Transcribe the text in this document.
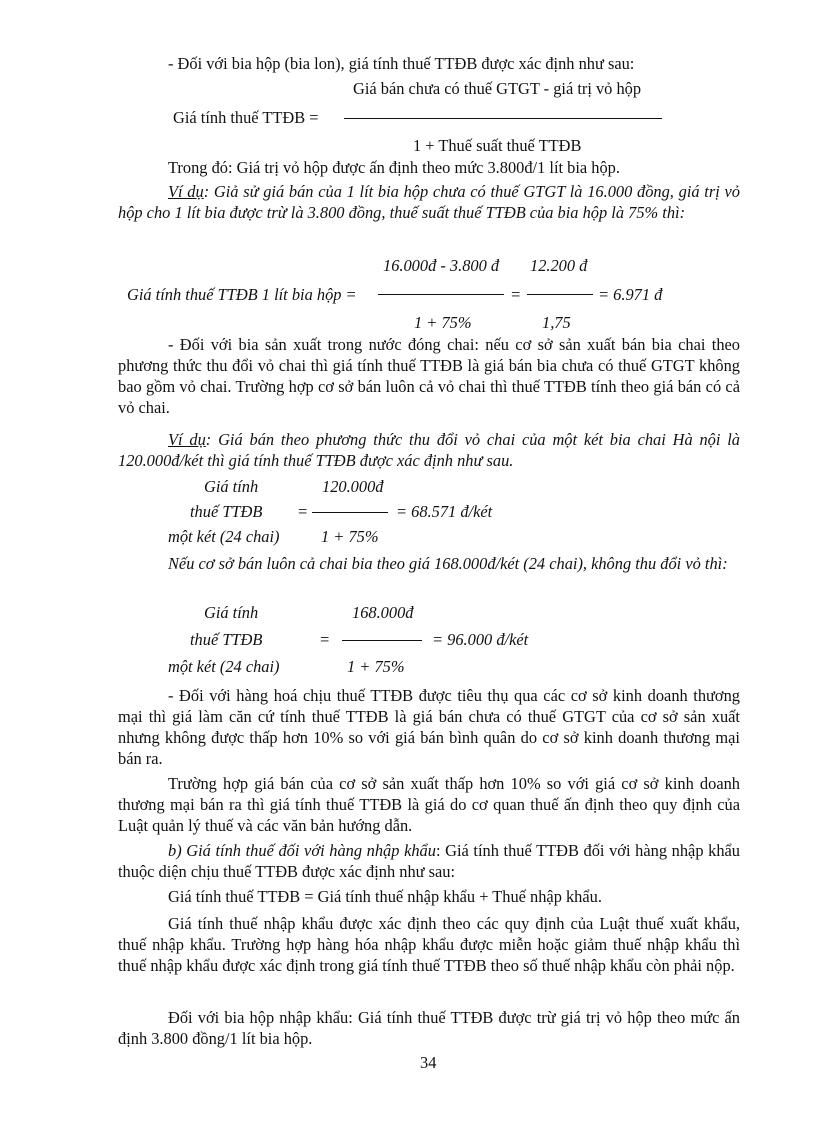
- Đối với bia hộp (bia lon), giá tính thuế TTĐB được xác định như sau:
Giá bán chưa có thuế GTGT - giá trị vỏ hộp
Giá tính thuế TTĐB =
1 + Thuế suất thuế TTĐB
Trong đó: Giá trị vỏ hộp được ấn định theo mức 3.800đ/1 lít bia hộp.

Ví dụ: Giả sử giá bán của 1 lít bia hộp chưa có thuế GTGT là 16.000 đồng, giá trị vỏ hộp cho 1 lít bia được trừ là 3.800 đồng, thuế suất thuế TTĐB của bia hộp là 75% thì:

16.000đ - 3.800 đ 12.200 đ
Giá tính thuế TTĐB 1 lít bia hộp =	=	= 6.971 đ
1 + 75%	1,75

- Đối với bia sản xuất trong nước đóng chai: nếu cơ sở sản xuất bán bia chai theo phương thức thu đổi vỏ chai thì giá tính thuế TTĐB là giá bán bia chưa có thuế GTGT không bao gồm vỏ chai. Trường hợp cơ sở bán luôn cả vỏ chai thì thuế TTĐB tính theo giá bán có cả vỏ chai.

Ví dụ: Giá bán theo phương thức thu đổi vỏ chai của một két bia chai Hà nội là 120.000đ/két thì giá tính thuế TTĐB được xác định như sau.

Giá tính	120.000đ
thuế TTĐB =	= 68.571 đ/két
một két (24 chai)	1 + 75%

Nếu cơ sở bán luôn cả chai bia theo giá 168.000đ/két (24 chai), không thu đổi vỏ thì:

Giá tính	168.000đ
thuế TTĐB	=	= 96.000 đ/két
một két (24 chai)	1 + 75%

- Đối với hàng hoá chịu thuế TTĐB được tiêu thụ qua các cơ sở kinh doanh thương mại thì giá làm căn cứ tính thuế TTĐB là giá bán chưa có thuế GTGT của cơ sở sản xuất nhưng không được thấp hơn 10% so với giá bán bình quân do cơ sở kinh doanh thương mại bán ra.

Trường hợp giá bán của cơ sở sản xuất thấp hơn 10% so với giá cơ sở kinh doanh thương mại bán ra thì giá tính thuế TTĐB là giá do cơ quan thuế ấn định theo quy định của Luật quản lý thuế và các văn bản hướng dẫn.

b) Giá tính thuế đối với hàng nhập khẩu: Giá tính thuế TTĐB đối với hàng nhập khẩu thuộc diện chịu thuế TTĐB được xác định như sau:

Giá tính thuế TTĐB = Giá tính thuế nhập khẩu + Thuế nhập khẩu.

Giá tính thuế nhập khẩu được xác định theo các quy định của Luật thuế xuất khẩu, thuế nhập khẩu. Trường hợp hàng hóa nhập khẩu được miễn hoặc giảm thuế nhập khẩu thì thuế nhập khẩu được xác định trong giá tính thuế TTĐB theo số thuế nhập khẩu còn phải nộp.

Đối với bia hộp nhập khẩu: Giá tính thuế TTĐB được trừ giá trị vỏ hộp theo mức ấn định 3.800 đồng/1 lít bia hộp.

34
